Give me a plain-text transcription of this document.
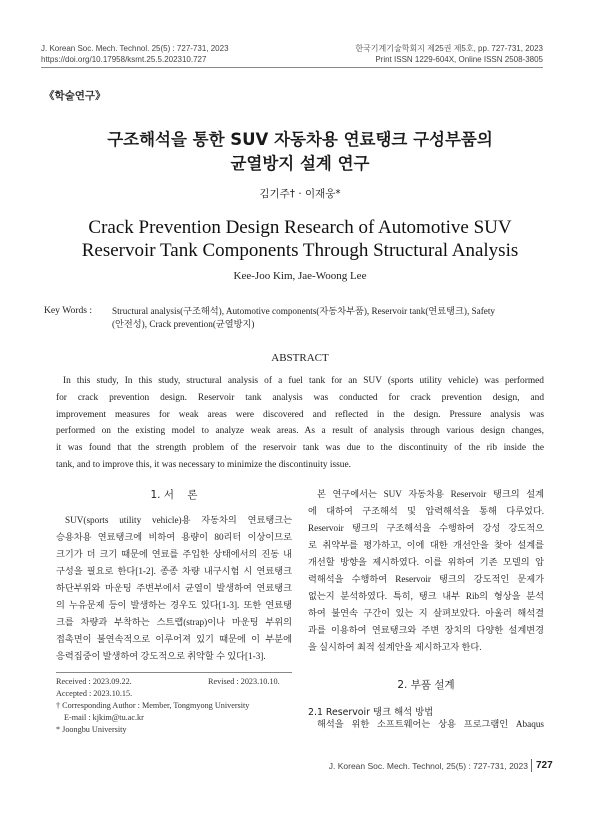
J. Korean Soc. Mech. Technol. 25(5) : 727-731, 2023
https://doi.org/10.17958/ksmt.25.5.202310.727
한국기계기술학회지 제25권 제5호, pp. 727-731, 2023
Print ISSN 1229-604X, Online ISSN 2508-3805
《학술연구》
구조해석을 통한 SUV 자동차용 연료탱크 구성부품의
균열방지 설계 연구
김기주† · 이재웅*
Crack Prevention Design Research of Automotive SUV
Reservoir Tank Components Through Structural Analysis
Kee-Joo Kim, Jae-Woong Lee
Key Words : Structural analysis(구조해석), Automotive components(자동차부품), Reservoir tank(연료탱크), Safety
(안전성), Crack prevention(균열방지)
ABSTRACT
In this study, In this study, structural analysis of a fuel tank for an SUV (sports utility vehicle) was performed
for crack prevention design. Reservoir tank analysis was conducted for crack prevention design, and
improvement measures for weak areas were discovered and reflected in the design. Pressure analysis was
performed on the existing model to analyze weak areas. As a result of analysis through various design changes,
it was found that the strength problem of the reservoir tank was due to the discontinuity of the rib inside the
tank, and to improve this, it was necessary to minimize the discontinuity issue.
1. 서    론
SUV(sports utility vehicle)용 자동차의 연료탱크는
승용차용 연료탱크에 비하여 용량이 80리터 이상이므로
크기가 더 크기 때문에 연료를 주입한 상태에서의 진동 내
구성을 필요로 한다[1-2]. 종종 차량 내구시험 시 연료탱크
하단부위와 마운팅 주변부에서 균열이 발생하여 연료탱크
의 누유문제 등이 발생하는 경우도 있다[1-3]. 또한 연료탱
크를 차량과 부착하는 스트랩(strap)이나 마운팅 부위의
접촉면이 불연속적으로 이루어져 있기 때문에 이 부분에
응력집중이 발생하여 강도적으로 취약할 수 있다[1-3].
Received : 2023.09.22.	Revised : 2023.10.10.
Accepted : 2023.10.15.
† Corresponding Author : Member, Tongmyong University
E-mail : kjkim@tu.ac.kr
* Joongbu University
본 연구에서는 SUV 자동차용 Reservoir 탱크의 설계
에 대하여 구조해석 및 압력해석을 통해 다루었다.
Reservoir 탱크의 구조해석을 수행하여 강성 강도적으
로 취약부를 평가하고, 이에 대한 개선안을 찾아 설계를
개선할 방향을 제시하였다. 이를 위하여 기존 모델의 압
력해석을 수행하여 Reservoir 탱크의 강도적인 문제가
없는지 분석하였다. 특히, 탱크 내부 Rib의 형상을 분석
하여 불연속 구간이 있는 지 살펴보았다. 아울러 해석결
과를 이용하여 연료탱크와 주변 장치의 다양한 설계변경
을 실시하여 최적 설계안을 제시하고자 한다.
2. 부품 설계
2.1 Reservoir 탱크 해석 방법
해석을 위한 소프트웨어는 상용 프로그램인 Abaqus
J. Korean Soc. Mech. Technol, 25(5) : 727-731, 2023 727
